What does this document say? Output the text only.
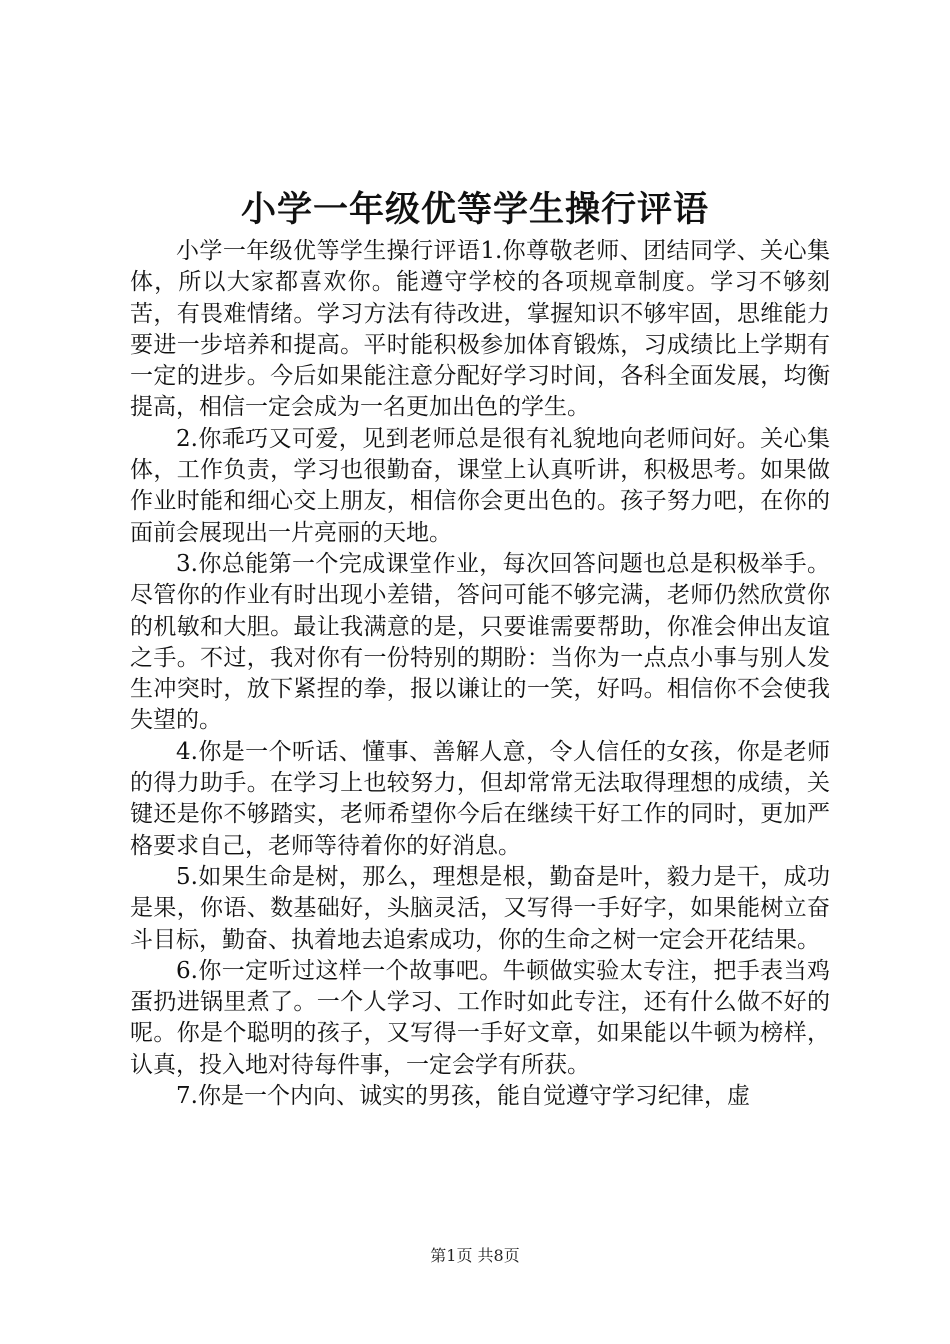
小学一年级优等学生操行评语

小学一年级优等学生操行评语1.你尊敬老师、团结同学、关心集体，所以大家都喜欢你。能遵守学校的各项规章制度。学习不够刻苦，有畏难情绪。学习方法有待改进，掌握知识不够牢固，思维能力要进一步培养和提高。平时能积极参加体育锻炼，习成绩比上学期有一定的进步。今后如果能注意分配好学习时间，各科全面发展，均衡提高，相信一定会成为一名更加出色的学生。

2.你乖巧又可爱，见到老师总是很有礼貌地向老师问好。关心集体，工作负责，学习也很勤奋，课堂上认真听讲，积极思考。如果做作业时能和细心交上朋友，相信你会更出色的。孩子努力吧，在你的面前会展现出一片亮丽的天地。

3.你总能第一个完成课堂作业，每次回答问题也总是积极举手。尽管你的作业有时出现小差错，答问可能不够完满，老师仍然欣赏你的机敏和大胆。最让我满意的是，只要谁需要帮助，你准会伸出友谊之手。不过，我对你有一份特别的期盼：当你为一点点小事与别人发生冲突时，放下紧捏的拳，报以谦让的一笑，好吗。相信你不会使我失望的。

4.你是一个听话、懂事、善解人意，令人信任的女孩，你是老师的得力助手。在学习上也较努力，但却常常无法取得理想的成绩，关键还是你不够踏实，老师希望你今后在继续干好工作的同时，更加严格要求自己，老师等待着你的好消息。

5.如果生命是树，那么，理想是根，勤奋是叶，毅力是干，成功是果，你语、数基础好，头脑灵活，又写得一手好字，如果能树立奋斗目标，勤奋、执着地去追索成功，你的生命之树一定会开花结果。

6.你一定听过这样一个故事吧。牛顿做实验太专注，把手表当鸡蛋扔进锅里煮了。一个人学习、工作时如此专注，还有什么做不好的呢。你是个聪明的孩子，又写得一手好文章，如果能以牛顿为榜样，认真，投入地对待每件事，一定会学有所获。

7.你是一个内向、诚实的男孩，能自觉遵守学习纪律，虚

第1页 共8页
